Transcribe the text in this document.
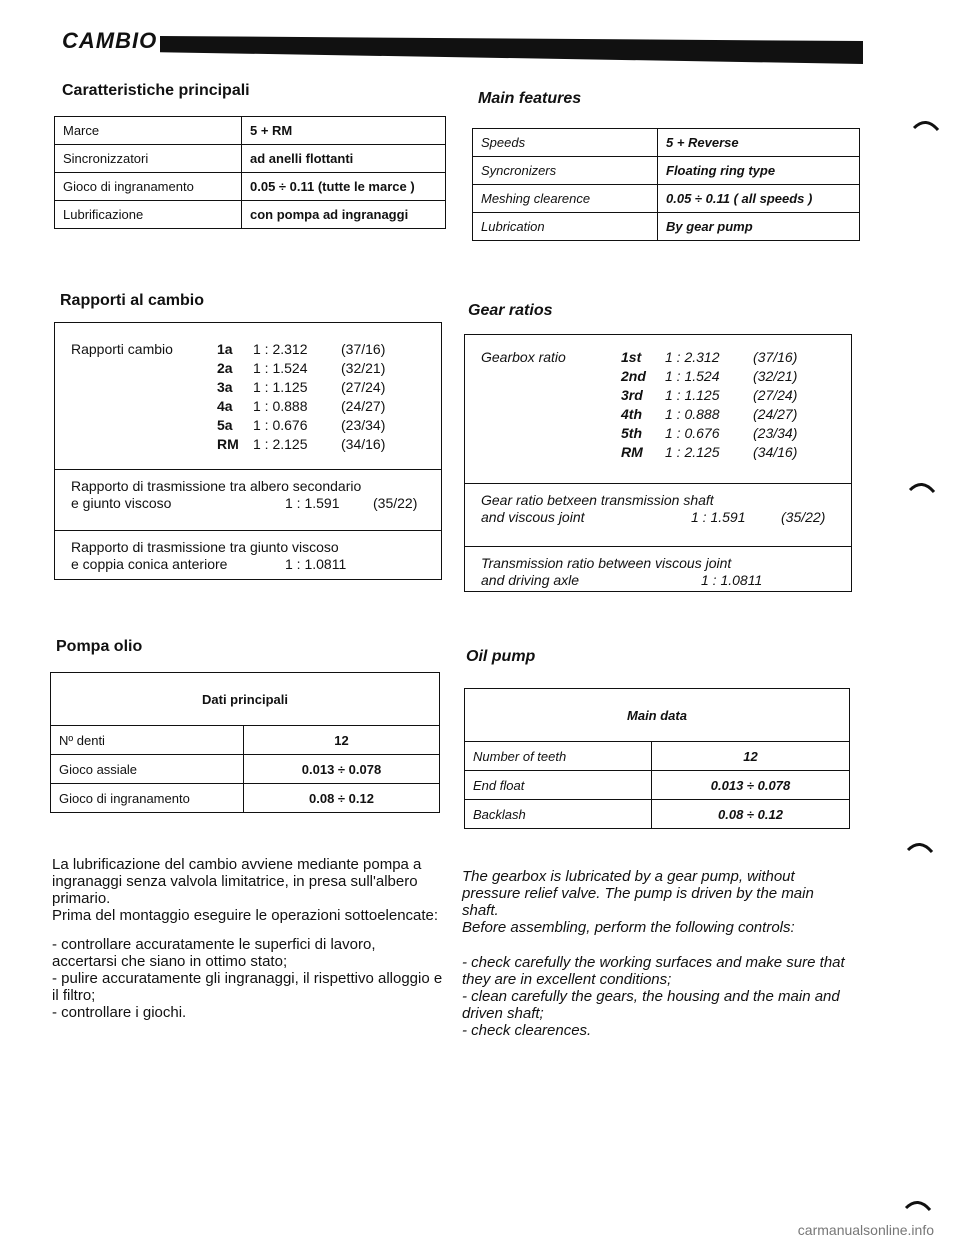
CAMBIO
Caratteristiche principali
Marce	5 + RM
Sincronizzatori	ad anelli flottanti
Gioco di ingranamento	0.05 ÷ 0.11 (tutte le marce )
Lubrificazione	con pompa ad ingranaggi
Rapporti al cambio
Rapporti cambio	1a	1 : 2.312	(37/16)
2a	1 : 1.524	(32/21)
3a	1 : 1.125	(27/24)
4a	1 : 0.888	(24/27)
5a	1 : 0.676	(23/34)
RM	1 : 2.125	(34/16)
Rapporto di trasmissione tra albero secondario
e giunto viscoso	1 : 1.591	(35/22)
Rapporto di trasmissione tra giunto viscoso
e coppia conica anteriore	1 : 1.0811
Pompa olio
Dati principali	
Nº denti	12
Gioco assiale	0.013 ÷ 0.078
Gioco di ingranamento	0.08 ÷ 0.12

La lubrificazione del cambio avviene mediante pompa a ingranaggi senza valvola limitatrice, in presa sull'albero primario.

Prima del montaggio eseguire le operazioni sottoelencate:

- controllare accuratamente le superfici di lavoro, accertarsi che siano in ottimo stato;

- pulire accuratamente gli ingranaggi, il rispettivo alloggio e il filtro;

- controllare i giochi.

Main features
Speeds	5 + Reverse
Syncronizers	Floating ring type
Meshing clearence	0.05 ÷ 0.11 ( all speeds )
Lubrication	By gear pump
Gear ratios
Gearbox ratio	1st	1 : 2.312	(37/16)
2nd	1 : 1.524	(32/21)
3rd	1 : 1.125	(27/24)
4th	1 : 0.888	(24/27)
5th	1 : 0.676	(23/34)
RM	1 : 2.125	(34/16)
Gear ratio betxeen transmission shaft
and viscous joint	1 : 1.591	(35/22)
Transmission ratio between viscous joint
and driving axle	1 : 1.0811
Oil pump
Main data	
Number of teeth	12
End float	0.013 ÷ 0.078
Backlash	0.08 ÷ 0.12

The gearbox is lubricated by a gear pump, without pressure relief valve. The pump is driven by the main shaft.

Before assembling, perform the following controls:

- check carefully the working surfaces and make sure that they are in excellent conditions;

- clean carefully the gears, the housing and the main and driven shaft;

- check clearences.

carmanualsonline.info
